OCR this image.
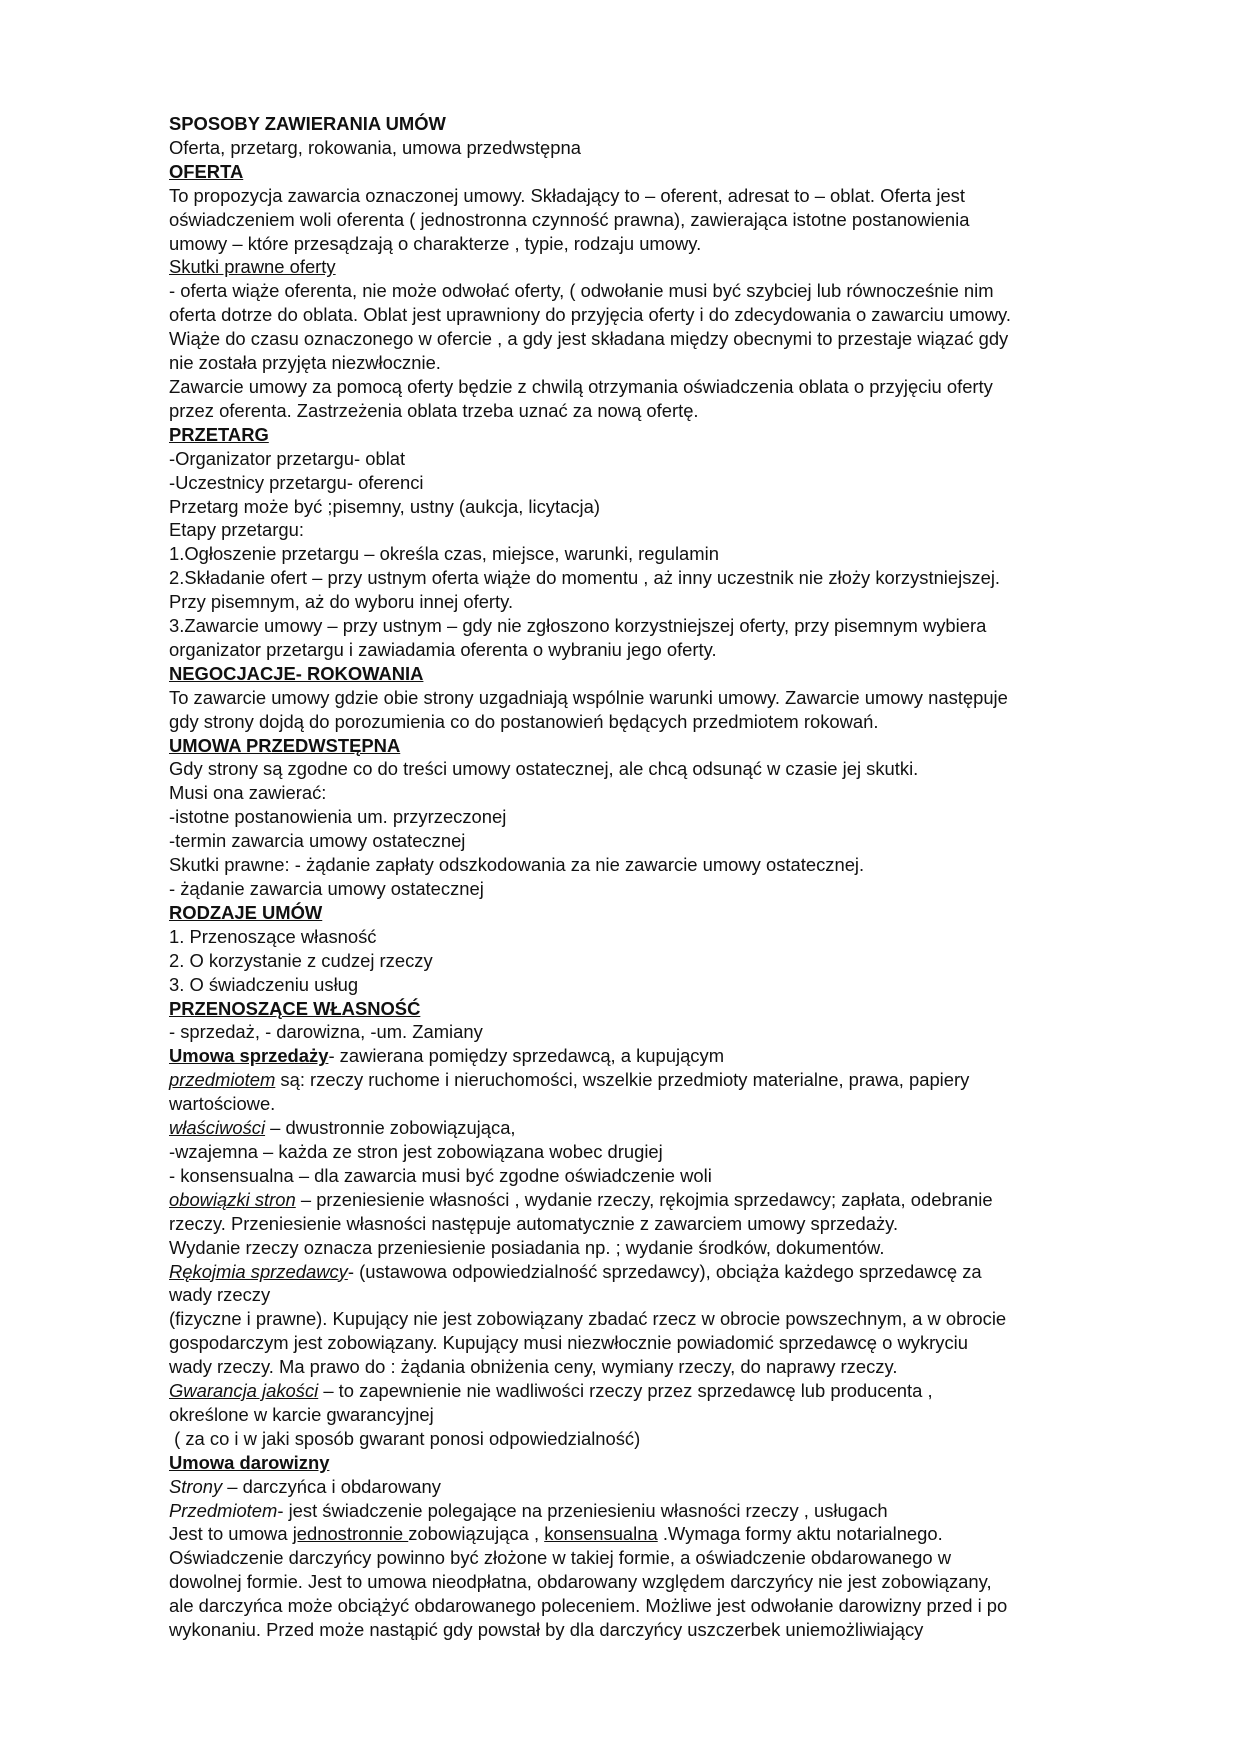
SPOSOBY ZAWIERANIA UMÓW
Oferta, przetarg, rokowania, umowa przedwstępna
OFERTA
To propozycja zawarcia oznaczonej umowy. Składający to – oferent, adresat to – oblat. Oferta jest
oświadczeniem woli oferenta ( jednostronna czynność prawna), zawierająca istotne postanowienia
umowy – które przesądzają o charakterze , typie, rodzaju umowy.
Skutki prawne oferty
- oferta wiąże oferenta, nie może odwołać oferty, ( odwołanie musi być szybciej lub równocześnie nim
oferta dotrze do oblata. Oblat jest uprawniony do przyjęcia oferty i do zdecydowania o zawarciu umowy.
Wiąże do czasu oznaczonego w ofercie , a gdy jest składana między obecnymi to przestaje wiązać gdy
nie została przyjęta niezwłocznie.
Zawarcie umowy za pomocą oferty będzie z chwilą otrzymania oświadczenia oblata o przyjęciu oferty
przez oferenta. Zastrzeżenia oblata trzeba uznać za nową ofertę.
PRZETARG
-Organizator przetargu- oblat
-Uczestnicy przetargu- oferenci
Przetarg może być ;pisemny, ustny (aukcja, licytacja)
Etapy przetargu:
1.Ogłoszenie przetargu – określa czas, miejsce, warunki, regulamin
2.Składanie ofert – przy ustnym oferta wiąże do momentu , aż inny uczestnik nie złoży korzystniejszej.
Przy pisemnym, aż do wyboru innej oferty.
3.Zawarcie umowy – przy ustnym – gdy nie zgłoszono korzystniejszej oferty, przy pisemnym wybiera
organizator przetargu i zawiadamia oferenta o wybraniu jego oferty.
NEGOCJACJE- ROKOWANIA
To zawarcie umowy gdzie obie strony uzgadniają wspólnie warunki umowy. Zawarcie umowy następuje
gdy strony dojdą do porozumienia co do postanowień będących przedmiotem rokowań.
UMOWA PRZEDWSTĘPNA
Gdy strony są zgodne co do treści umowy ostatecznej, ale chcą odsunąć w czasie jej skutki.
Musi ona zawierać:
-istotne postanowienia um. przyrzeczonej
-termin zawarcia umowy ostatecznej
Skutki prawne: - żądanie zapłaty odszkodowania za nie zawarcie umowy ostatecznej.
- żądanie zawarcia umowy ostatecznej
RODZAJE UMÓW
1. Przenoszące własność
2. O korzystanie z cudzej rzeczy
3. O świadczeniu usług
PRZENOSZĄCE WŁASNOŚĆ
- sprzedaż, - darowizna, -um. Zamiany
Umowa sprzedaży- zawierana pomiędzy sprzedawcą, a kupującym
przedmiotem są: rzeczy ruchome i nieruchomości, wszelkie przedmioty materialne, prawa, papiery
wartościowe.
właściwości – dwustronnie zobowiązująca,
-wzajemna – każda ze stron jest zobowiązana wobec drugiej
- konsensualna – dla zawarcia musi być zgodne oświadczenie woli
obowiązki stron – przeniesienie własności , wydanie rzeczy, rękojmia sprzedawcy; zapłata, odebranie
rzeczy. Przeniesienie własności następuje automatycznie z zawarciem umowy sprzedaży.
Wydanie rzeczy oznacza przeniesienie posiadania np. ; wydanie środków, dokumentów.
Rękojmia sprzedawcy- (ustawowa odpowiedzialność sprzedawcy), obciąża każdego sprzedawcę za
wady rzeczy
(fizyczne i prawne). Kupujący nie jest zobowiązany zbadać rzecz w obrocie powszechnym, a w obrocie
gospodarczym jest zobowiązany. Kupujący musi niezwłocznie powiadomić sprzedawcę o wykryciu
wady rzeczy. Ma prawo do : żądania obniżenia ceny, wymiany rzeczy, do naprawy rzeczy.
Gwarancja jakości – to zapewnienie nie wadliwości rzeczy przez sprzedawcę lub producenta ,
określone w karcie gwarancyjnej
( za co i w jaki sposób gwarant ponosi odpowiedzialność)
Umowa darowizny
Strony – darczyńca i obdarowany
Przedmiotem- jest świadczenie polegające na przeniesieniu własności rzeczy , usługach
Jest to umowa jednostronnie zobowiązująca , konsensualna .Wymaga formy aktu notarialnego.
Oświadczenie darczyńcy powinno być złożone w takiej formie, a oświadczenie obdarowanego w
dowolnej formie. Jest to umowa nieodpłatna, obdarowany względem darczyńcy nie jest zobowiązany,
ale darczyńca może obciążyć obdarowanego poleceniem. Możliwe jest odwołanie darowizny przed i po
wykonaniu. Przed może nastąpić gdy powstał by dla darczyńcy uszczerbek uniemożliwiający
